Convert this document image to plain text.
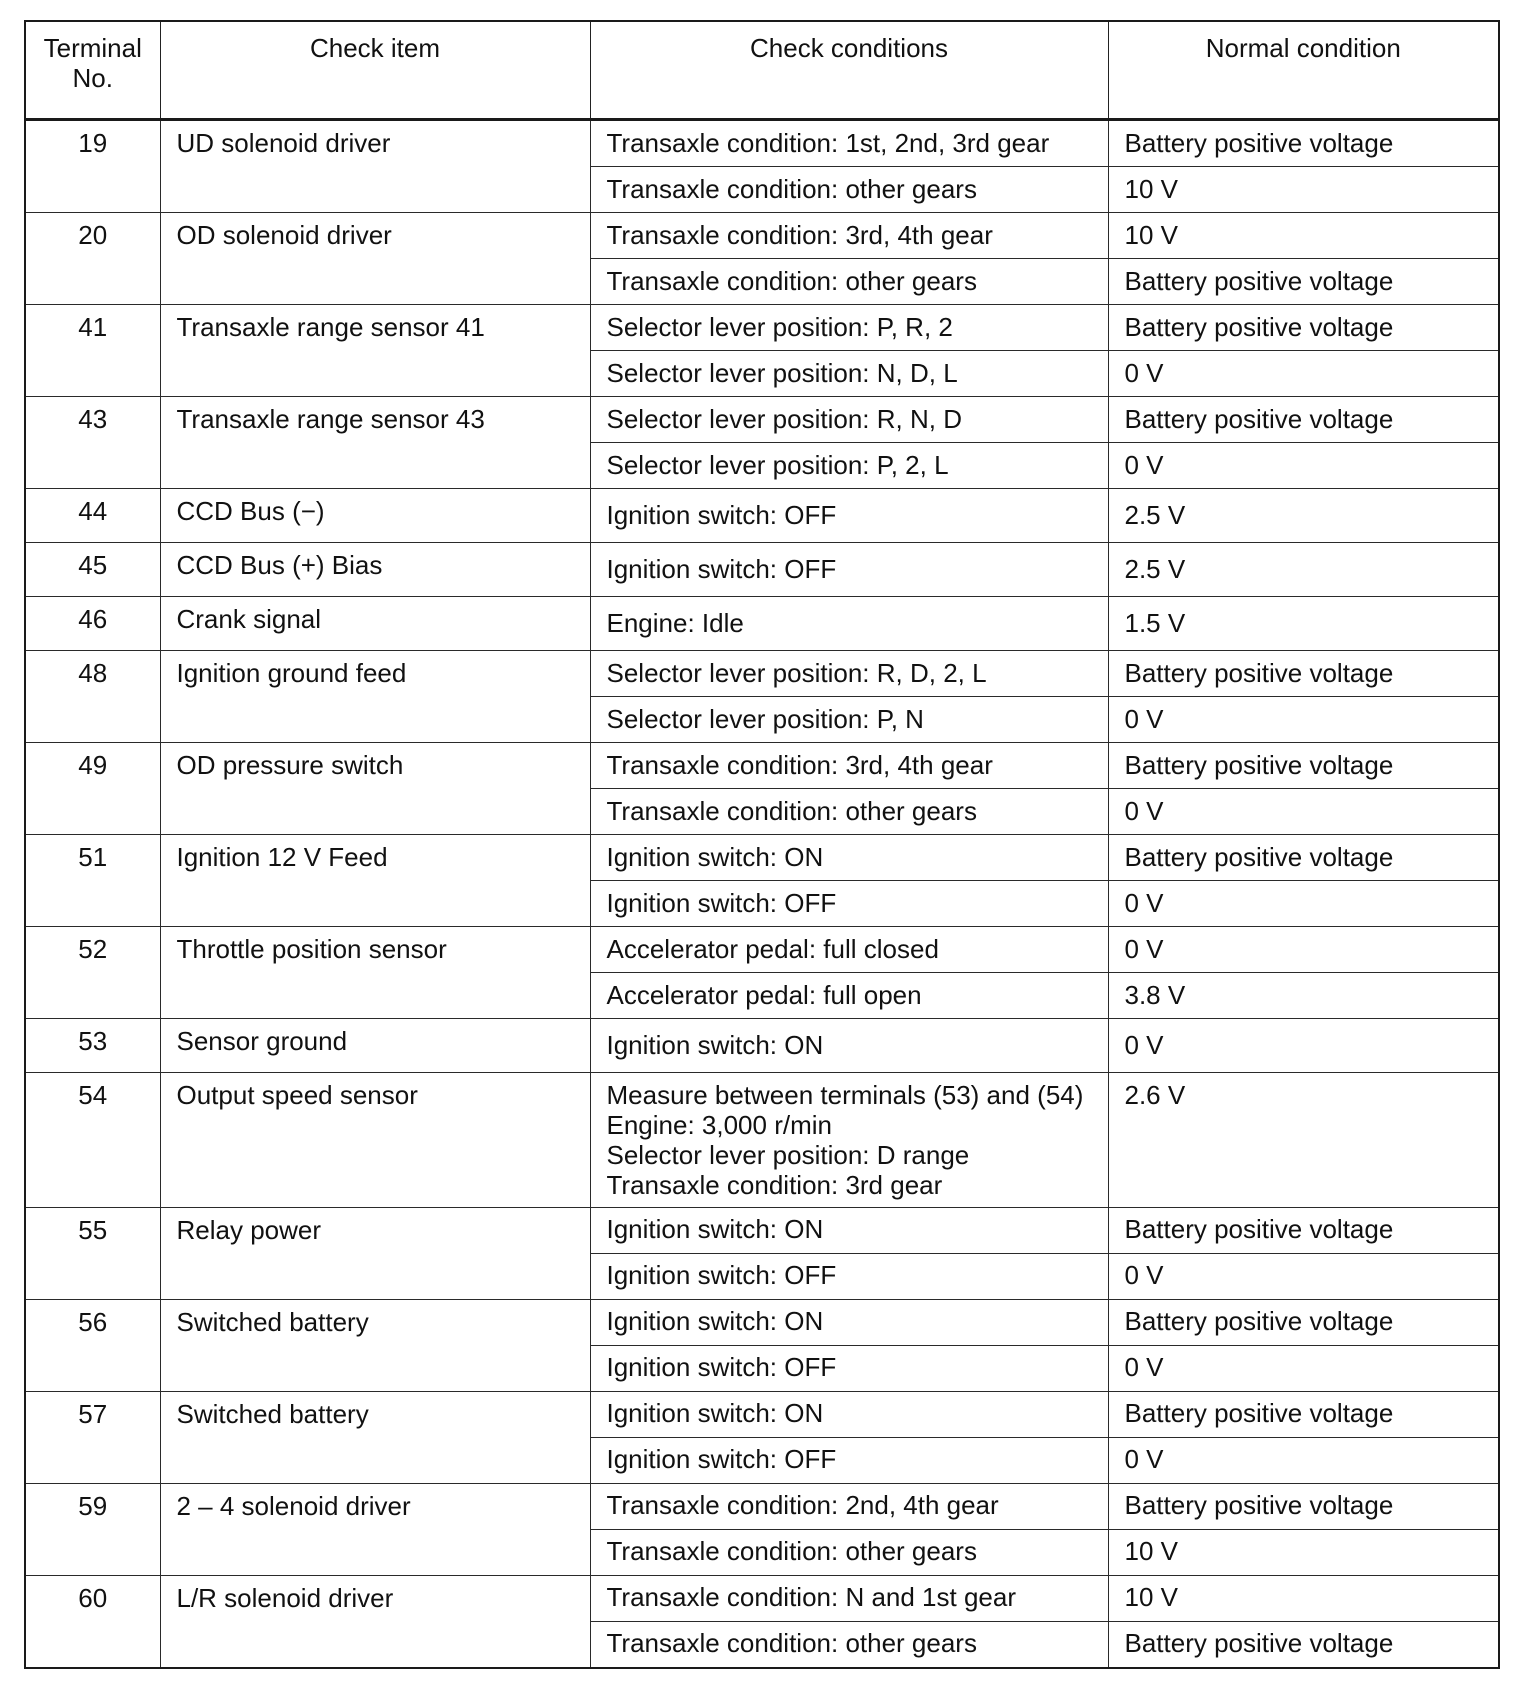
Terminal No.	Check item	Check conditions	Normal condition
19	UD solenoid driver	Transaxle condition: 1st, 2nd, 3rd gear	Battery positive voltage
		Transaxle condition: other gears	10 V
20	OD solenoid driver	Transaxle condition: 3rd, 4th gear	10 V
		Transaxle condition: other gears	Battery positive voltage
41	Transaxle range sensor 41	Selector lever position: P, R, 2	Battery positive voltage
		Selector lever position: N, D, L	0 V
43	Transaxle range sensor 43	Selector lever position: R, N, D	Battery positive voltage
		Selector lever position: P, 2, L	0 V
44	CCD Bus (−)	Ignition switch: OFF	2.5 V
45	CCD Bus (+) Bias	Ignition switch: OFF	2.5 V
46	Crank signal	Engine: Idle	1.5 V
48	Ignition ground feed	Selector lever position: R, D, 2, L	Battery positive voltage
		Selector lever position: P, N	0 V
49	OD pressure switch	Transaxle condition: 3rd, 4th gear	Battery positive voltage
		Transaxle condition: other gears	0 V
51	Ignition 12 V Feed	Ignition switch: ON	Battery positive voltage
		Ignition switch: OFF	0 V
52	Throttle position sensor	Accelerator pedal: full closed	0 V
		Accelerator pedal: full open	3.8 V
53	Sensor ground	Ignition switch: ON	0 V
54	Output speed sensor	Measure between terminals (53) and (54)
Engine: 3,000 r/min
Selector lever position: D range
Transaxle condition: 3rd gear	2.6 V
55	Relay power	Ignition switch: ON	Battery positive voltage
		Ignition switch: OFF	0 V
56	Switched battery	Ignition switch: ON	Battery positive voltage
		Ignition switch: OFF	0 V
57	Switched battery	Ignition switch: ON	Battery positive voltage
		Ignition switch: OFF	0 V
59	2 – 4 solenoid driver	Transaxle condition: 2nd, 4th gear	Battery positive voltage
		Transaxle condition: other gears	10 V
60	L/R solenoid driver	Transaxle condition: N and 1st gear	10 V
		Transaxle condition: other gears	Battery positive voltage
